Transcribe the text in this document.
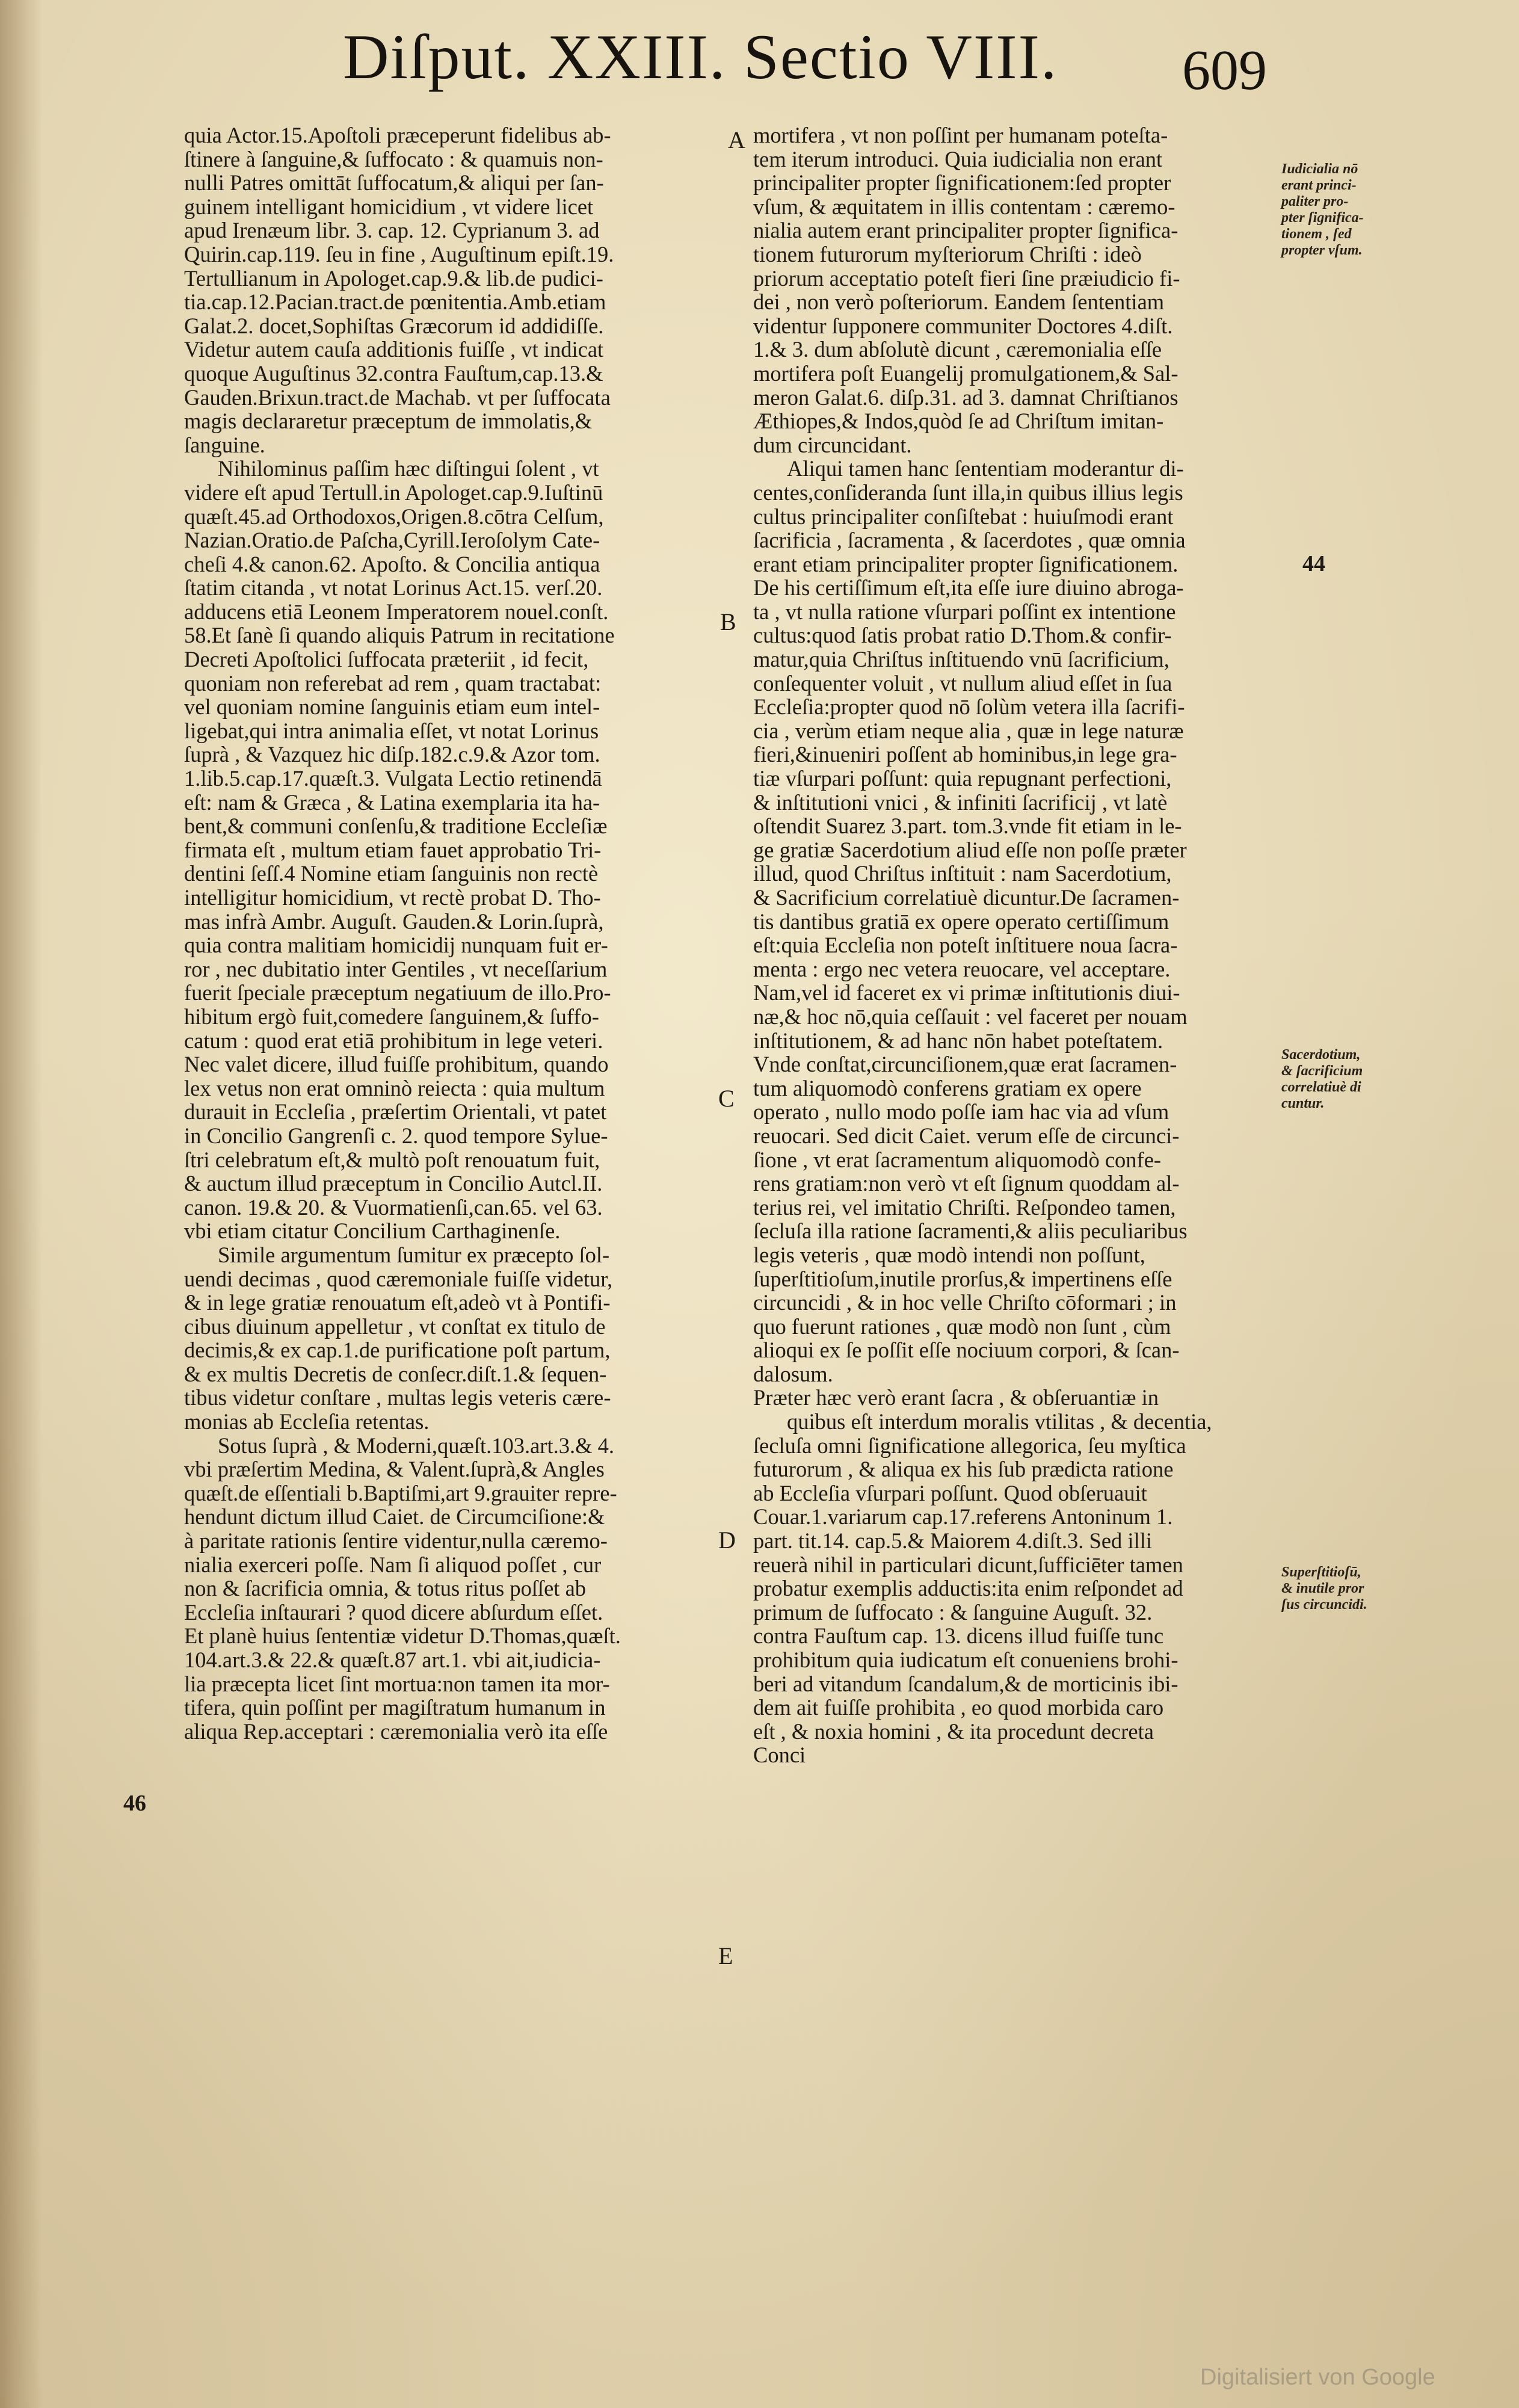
Diſput. XXIII. Sectio VIII. 609
quia Actor.15.Apoſtoli præceperunt fidelibus ab-
ſtinere à ſanguine,& ſuffocato : & quamuis non-
nulli Patres omittāt ſuffocatum,& aliqui per ſan-
guinem intelligant homicidium , vt videre licet
apud Irenæum libr. 3. cap. 12. Cyprianum 3. ad
Quirin.cap.119. ſeu in fine , Auguſtinum epiſt.19.
Tertullianum in Apologet.cap.9.& lib.de pudici-
tia.cap.12.Pacian.tract.de pœnitentia.Amb.etiam
Galat.2. docet,Sophiſtas Græcorum id addidiſſe.
Videtur autem cauſa additionis fuiſſe , vt indicat
quoque Auguſtinus 32.contra Fauſtum,cap.13.&
Gauden.Brixun.tract.de Machab. vt per ſuffocata
magis declararetur præceptum de immolatis,&
ſanguine.
Nihilominus paſſim hæc diſtingui ſolent , vt
videre eſt apud Tertull.in Apologet.cap.9.Iuſtinū
quæſt.45.ad Orthodoxos,Origen.8.cōtra Celſum,
Nazian.Oratio.de Paſcha,Cyrill.Ieroſolym Cate-
cheſi 4.& canon.62. Apoſto. & Concilia antiqua
ſtatim citanda , vt notat Lorinus Act.15. verſ.20.
adducens etiā Leonem Imperatorem nouel.conſt.
58.Et ſanè ſi quando aliquis Patrum in recitatione
Decreti Apoſtolici ſuffocata præteriit , id fecit,
quoniam non referebat ad rem , quam tractabat:
vel quoniam nomine ſanguinis etiam eum intel-
ligebat,qui intra animalia eſſet, vt notat Lorinus
ſuprà , & Vazquez hic diſp.182.c.9.& Azor tom.
1.lib.5.cap.17.quæſt.3. Vulgata Lectio retinendā
eſt: nam & Græca , & Latina exemplaria ita ha-
bent,& communi conſenſu,& traditione Eccleſiæ
firmata eſt , multum etiam fauet approbatio Tri-
dentini ſeſſ.4 Nomine etiam ſanguinis non rectè
intelligitur homicidium, vt rectè probat D. Tho-
mas infrà Ambr. Auguſt. Gauden.& Lorin.ſuprà,
quia contra malitiam homicidij nunquam fuit er-
ror , nec dubitatio inter Gentiles , vt neceſſarium
fuerit ſpeciale præceptum negatiuum de illo.Pro-
hibitum ergò fuit,comedere ſanguinem,& ſuffo-
catum : quod erat etiā prohibitum in lege veteri.
Nec valet dicere, illud fuiſſe prohibitum, quando
lex vetus non erat omninò reiecta : quia multum
durauit in Eccleſia , præſertim Orientali, vt patet
in Concilio Gangrenſi c. 2. quod tempore Sylue-
ſtri celebratum eſt,& multò poſt renouatum fuit,
& auctum illud præceptum in Concilio Autcl.II.
canon. 19.& 20. & Vuormatienſi,can.65. vel 63.
vbi etiam citatur Concilium Carthaginenſe.
Simile argumentum ſumitur ex præcepto ſol-
uendi decimas , quod cæremoniale fuiſſe videtur,
& in lege gratiæ renouatum eſt,adeò vt à Pontifi-
cibus diuinum appelletur , vt conſtat ex titulo de
decimis,& ex cap.1.de purificatione poſt partum,
& ex multis Decretis de conſecr.diſt.1.& ſequen-
tibus videtur conſtare , multas legis veteris cære-
monias ab Eccleſia retentas.
Sotus ſuprà , & Moderni,quæſt.103.art.3.& 4.
vbi præſertim Medina, & Valent.ſuprà,& Angles
quæſt.de eſſentiali b.Baptiſmi,art 9.grauiter repre-
hendunt dictum illud Caiet. de Circumciſione:&
à paritate rationis ſentire videntur,nulla cæremo-
nialia exerceri poſſe. Nam ſi aliquod poſſet , cur
non & ſacrificia omnia, & totus ritus poſſet ab
Eccleſia inſtaurari ? quod dicere abſurdum eſſet.
Et planè huius ſententiæ videtur D.Thomas,quæſt.
104.art.3.& 22.& quæſt.87 art.1. vbi ait,iudicia-
lia præcepta licet ſint mortua:non tamen ita mor-
tifera, quin poſſint per magiſtratum humanum in
aliqua Rep.acceptari : cæremonialia verò ita eſſe
mortifera , vt non poſſint per humanam poteſta-
tem iterum introduci. Quia iudicialia non erant
principaliter propter ſignificationem:ſed propter
vſum, & æquitatem in illis contentam : cæremo-
nialia autem erant principaliter propter ſignifica-
tionem futurorum myſteriorum Chriſti : ideò
priorum acceptatio poteſt fieri ſine præiudicio fi-
dei , non verò poſteriorum. Eandem ſententiam
videntur ſupponere communiter Doctores 4.diſt.
1.& 3. dum abſolutè dicunt , cæremonialia eſſe
mortifera poſt Euangelij promulgationem,& Sal-
meron Galat.6. diſp.31. ad 3. damnat Chriſtianos
Æthiopes,& Indos,quòd ſe ad Chriſtum imitan-
dum circuncidant.
Aliqui tamen hanc ſententiam moderantur di-
centes,conſideranda ſunt illa,in quibus illius legis
cultus principaliter conſiſtebat : huiuſmodi erant
ſacrificia , ſacramenta , & ſacerdotes , quæ omnia
erant etiam principaliter propter ſignificationem.
De his certiſſimum eſt,ita eſſe iure diuino abroga-
ta , vt nulla ratione vſurpari poſſint ex intentione
cultus:quod ſatis probat ratio D.Thom.& confir-
matur,quia Chriſtus inſtituendo vnū ſacrificium,
conſequenter voluit , vt nullum aliud eſſet in ſua
Eccleſia:propter quod nō ſolùm vetera illa ſacrifi-
cia , verùm etiam neque alia , quæ in lege naturæ
fieri,&inueniri poſſent ab hominibus,in lege gra-
tiæ vſurpari poſſunt: quia repugnant perfectioni,
& inſtitutioni vnici , & infiniti ſacrificij , vt latè
oſtendit Suarez 3.part. tom.3.vnde fit etiam in le-
ge gratiæ Sacerdotium aliud eſſe non poſſe præter
illud, quod Chriſtus inſtituit : nam Sacerdotium,
& Sacrificium correlatiuè dicuntur.De ſacramen-
tis dantibus gratiā ex opere operato certiſſimum
eſt:quia Eccleſia non poteſt inſtituere noua ſacra-
menta : ergo nec vetera reuocare, vel acceptare.
Nam,vel id faceret ex vi primæ inſtitutionis diui-
næ,& hoc nō,quia ceſſauit : vel faceret per nouam
inſtitutionem, & ad hanc nōn habet poteſtatem.
Vnde conſtat,circunciſionem,quæ erat ſacramen-
tum aliquomodò conferens gratiam ex opere
operato , nullo modo poſſe iam hac via ad vſum
reuocari. Sed dicit Caiet. verum eſſe de circunci-
ſione , vt erat ſacramentum aliquomodò confe-
rens gratiam:non verò vt eſt ſignum quoddam al-
terius rei, vel imitatio Chriſti. Reſpondeo tamen,
ſecluſa illa ratione ſacramenti,& aliis peculiaribus
legis veteris , quæ modò intendi non poſſunt,
ſuperſtitioſum,inutile prorſus,& impertinens eſſe
circuncidi , & in hoc velle Chriſto cōformari ; in
quo fuerunt rationes , quæ modò non ſunt , cùm
alioqui ex ſe poſſit eſſe nociuum corpori, & ſcan-
dalosum.
Præter hæc verò erant ſacra , & obſeruantiæ in
quibus eſt interdum moralis vtilitas , & decentia,
ſecluſa omni ſignificatione allegorica, ſeu myſtica
futurorum , & aliqua ex his ſub prædicta ratione
ab Eccleſia vſurpari poſſunt. Quod obſeruauit
Couar.1.variarum cap.17.referens Antoninum 1.
part. tit.14. cap.5.& Maiorem 4.diſt.3. Sed illi
reuerà nihil in particulari dicunt,ſufficiēter tamen
probatur exemplis adductis:ita enim reſpondet ad
primum de ſuffocato : & ſanguine Auguſt. 32.
contra Fauſtum cap. 13. dicens illud fuiſſe tunc
prohibitum quia iudicatum eſt conueniens brohi-
beri ad vitandum ſcandalum,& de morticinis ibi-
dem ait fuiſſe prohibita , eo quod morbida caro
eſt , & noxia homini , & ita procedunt decreta
Conci
A
B
C
D
E
44
46
Iudicialia nō
erant princi-
paliter pro-
pter ſignifica-
tionem , ſed
propter vſum.
Sacerdotium,
& ſacrificium
correlatiuè di
cuntur.
Superſtitioſū,
& inutile pror
ſus circuncidi.
Digitalisiert von Google
